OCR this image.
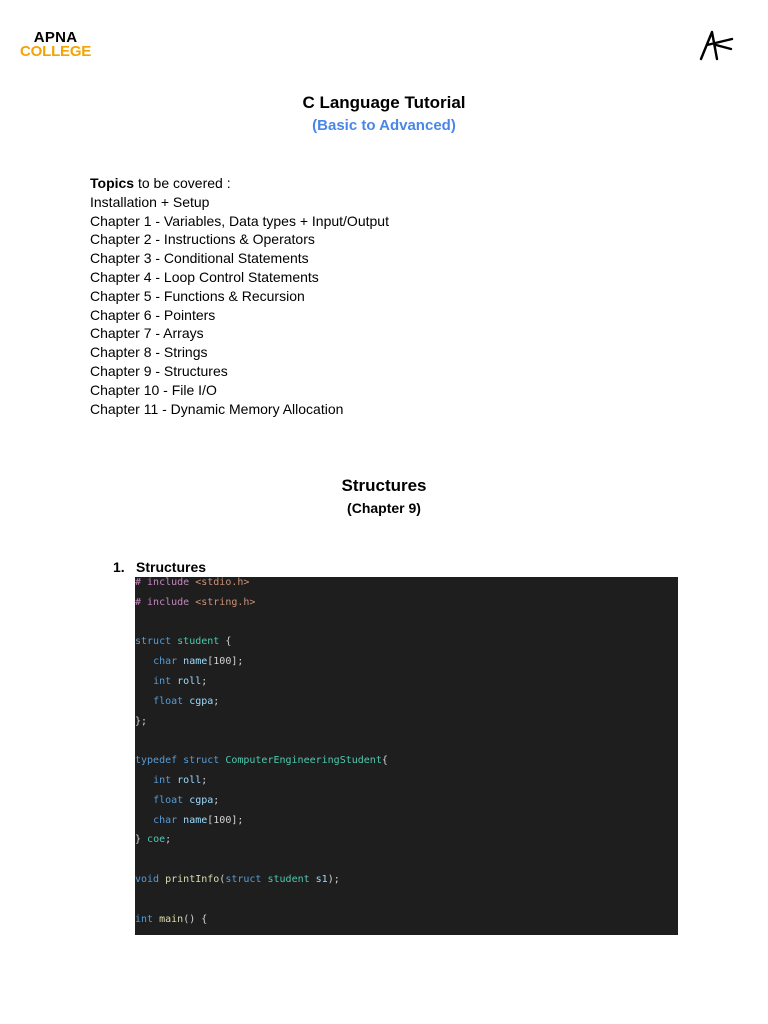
APNA
COLLEGE
C Language Tutorial
(Basic to Advanced)
Topics to be covered :
Installation + Setup
Chapter 1 - Variables, Data types + Input/Output
Chapter 2 - Instructions & Operators
Chapter 3 - Conditional Statements
Chapter 4 - Loop Control Statements
Chapter 5 - Functions & Recursion
Chapter 6 - Pointers
Chapter 7 - Arrays
Chapter 8 - Strings
Chapter 9 - Structures
Chapter 10 - File I/O
Chapter 11 - Dynamic Memory Allocation
Structures
(Chapter 9)
1. Structures
# include <stdio.h>
# include <string.h>
struct student {
char name[100];
int roll;
float cgpa;
};
typedef struct ComputerEngineeringStudent{
int roll;
float cgpa;
char name[100];
} coe;
void printInfo(struct student s1);
int main() {
